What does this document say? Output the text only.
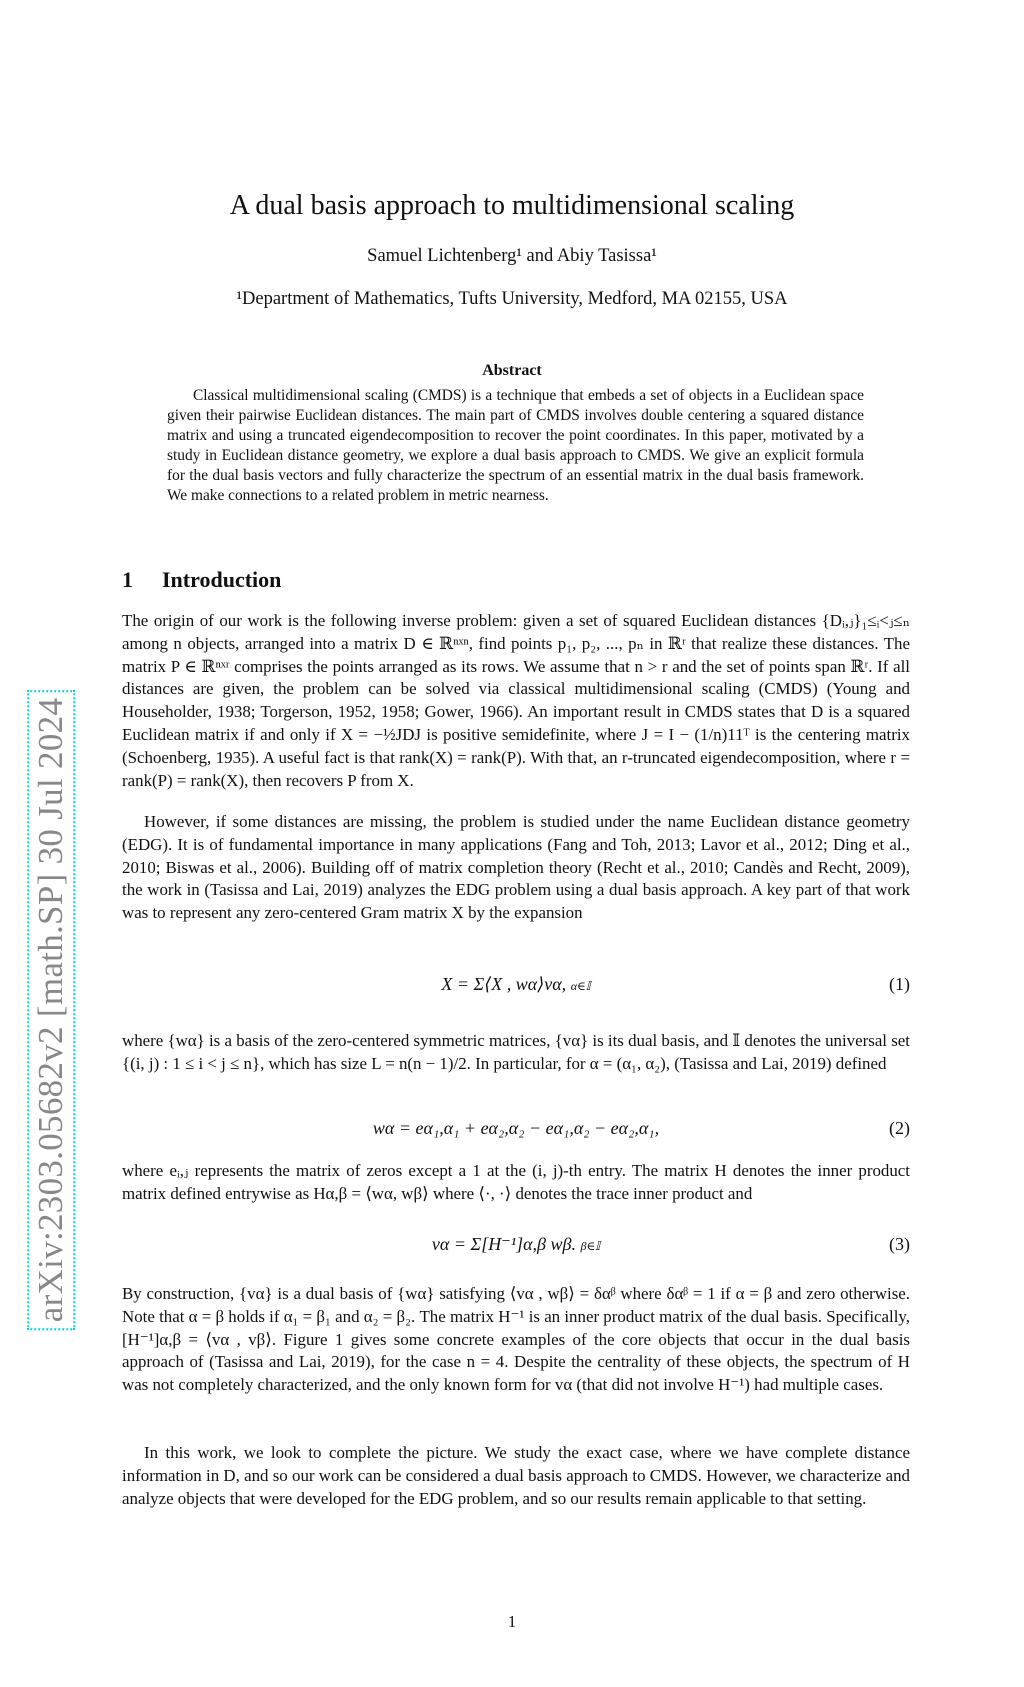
arXiv:2303.05682v2 [math.SP] 30 Jul 2024
A dual basis approach to multidimensional scaling
Samuel Lichtenberg¹ and Abiy Tasissa¹
¹Department of Mathematics, Tufts University, Medford, MA 02155, USA
Abstract

Classical multidimensional scaling (CMDS) is a technique that embeds a set of objects in a Euclidean space given their pairwise Euclidean distances. The main part of CMDS involves double centering a squared distance matrix and using a truncated eigendecomposition to recover the point coordinates. In this paper, motivated by a study in Euclidean distance geometry, we explore a dual basis approach to CMDS. We give an explicit formula for the dual basis vectors and fully characterize the spectrum of an essential matrix in the dual basis framework. We make connections to a related problem in metric nearness.

1 Introduction

The origin of our work is the following inverse problem: given a set of squared Euclidean distances {Dᵢ,ⱼ}₁≤ᵢ<ⱼ≤ₙ among n objects, arranged into a matrix D ∈ ℝⁿˣⁿ, find points p₁, p₂, ..., pₙ in ℝʳ that realize these distances. The matrix P ∈ ℝⁿˣʳ comprises the points arranged as its rows. We assume that n > r and the set of points span ℝʳ. If all distances are given, the problem can be solved via classical multidimensional scaling (CMDS) (Young and Householder, 1938; Torgerson, 1952, 1958; Gower, 1966). An important result in CMDS states that D is a squared Euclidean matrix if and only if X = −½JDJ is positive semidefinite, where J = I − (1/n)11ᵀ is the centering matrix (Schoenberg, 1935). A useful fact is that rank(X) = rank(P). With that, an r-truncated eigendecomposition, where r = rank(P) = rank(X), then recovers P from X.

However, if some distances are missing, the problem is studied under the name Euclidean distance geometry (EDG). It is of fundamental importance in many applications (Fang and Toh, 2013; Lavor et al., 2012; Ding et al., 2010; Biswas et al., 2006). Building off of matrix completion theory (Recht et al., 2010; Candès and Recht, 2009), the work in (Tasissa and Lai, 2019) analyzes the EDG problem using a dual basis approach. A key part of that work was to represent any zero-centered Gram matrix X by the expansion

X = Σ⟨X , wα⟩vα, α∈𝕀	(1)

where {wα} is a basis of the zero-centered symmetric matrices, {vα} is its dual basis, and 𝕀 denotes the universal set {(i, j) : 1 ≤ i < j ≤ n}, which has size L = n(n − 1)/2. In particular, for α = (α₁, α₂), (Tasissa and Lai, 2019) defined

wα = eα₁,α₁ + eα₂,α₂ − eα₁,α₂ − eα₂,α₁,	(2)

where eᵢ,ⱼ represents the matrix of zeros except a 1 at the (i, j)-th entry. The matrix H denotes the inner product matrix defined entrywise as Hα,β = ⟨wα, wβ⟩ where ⟨·, ·⟩ denotes the trace inner product and

vα = Σ[H⁻¹]α,β wβ. β∈𝕀	(3)

By construction, {vα} is a dual basis of {wα} satisfying ⟨vα , wβ⟩ = δαᵝ where δαᵝ = 1 if α = β and zero otherwise. Note that α = β holds if α₁ = β₁ and α₂ = β₂. The matrix H⁻¹ is an inner product matrix of the dual basis. Specifically, [H⁻¹]α,β = ⟨vα , vβ⟩. Figure 1 gives some concrete examples of the core objects that occur in the dual basis approach of (Tasissa and Lai, 2019), for the case n = 4. Despite the centrality of these objects, the spectrum of H was not completely characterized, and the only known form for vα (that did not involve H⁻¹) had multiple cases.

In this work, we look to complete the picture. We study the exact case, where we have complete distance information in D, and so our work can be considered a dual basis approach to CMDS. However, we characterize and analyze objects that were developed for the EDG problem, and so our results remain applicable to that setting.

1
